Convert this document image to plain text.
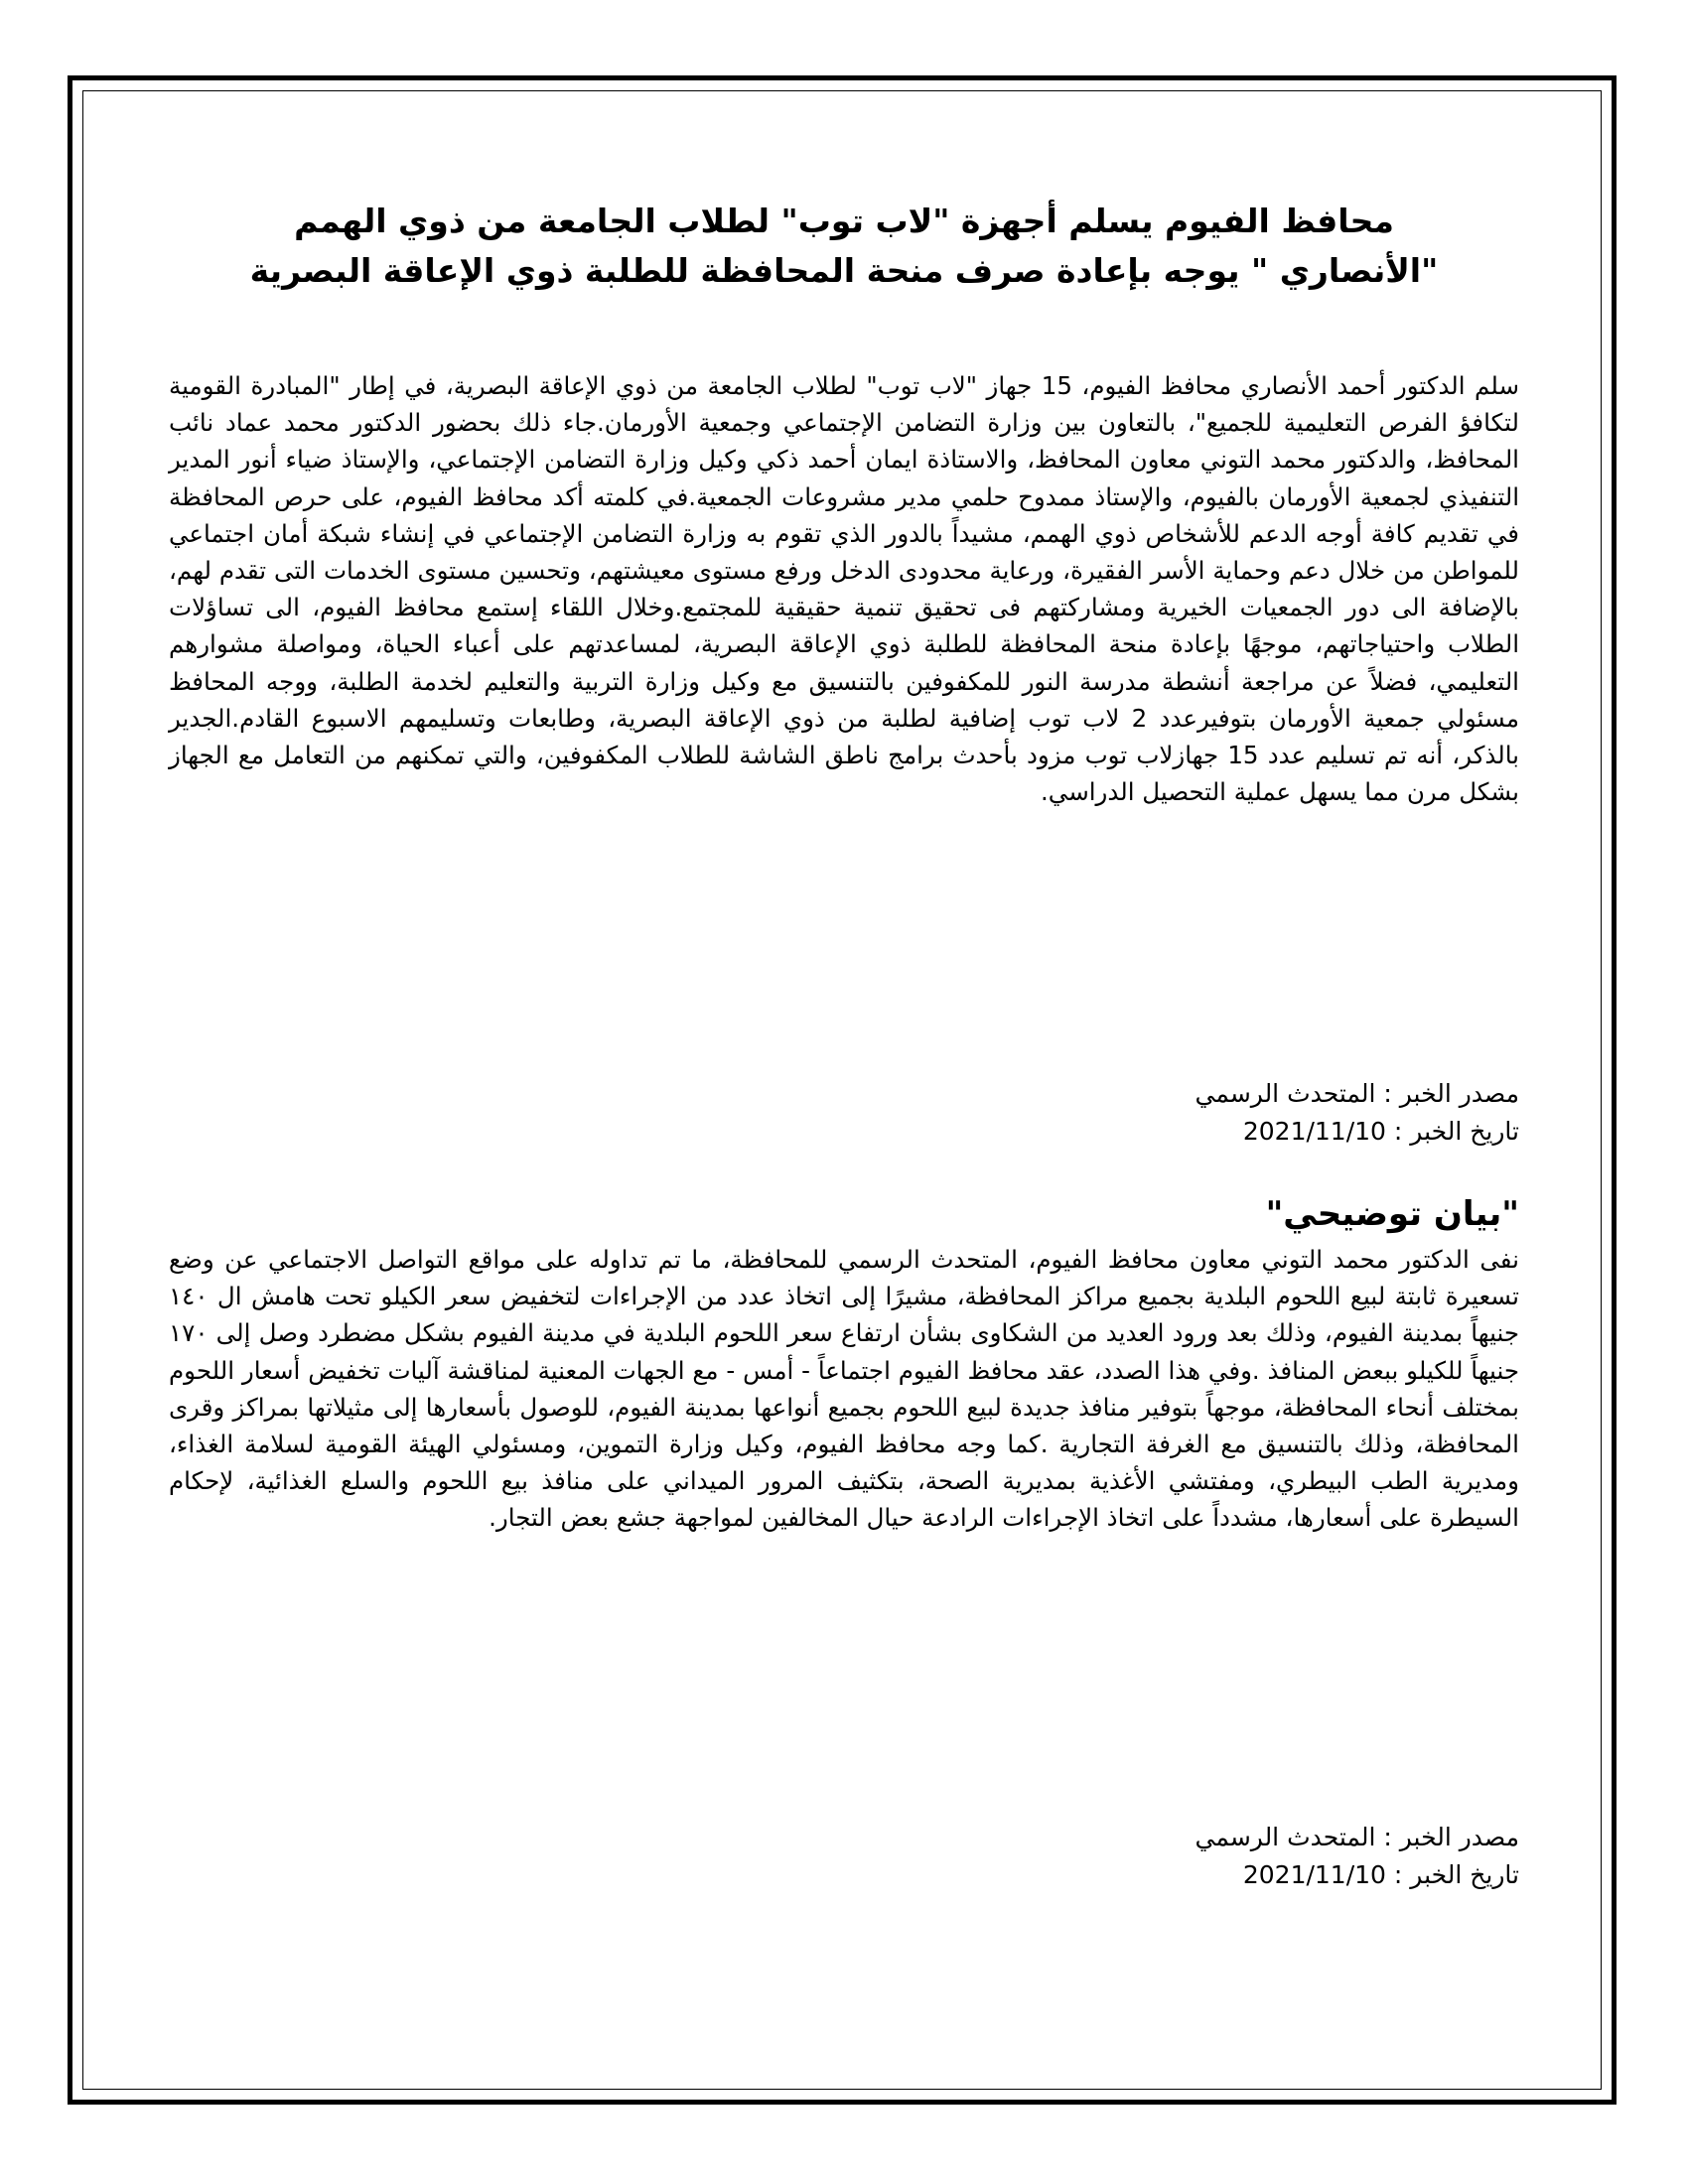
محافظ الفيوم يسلم أجهزة "لاب توب" لطلاب الجامعة من ذوي الهمم
"الأنصاري " يوجه بإعادة صرف منحة المحافظة للطلبة ذوي الإعاقة البصرية
سلم الدكتور أحمد الأنصاري محافظ الفيوم، 15 جهاز "لاب توب" لطلاب الجامعة من ذوي الإعاقة البصرية، في إطار "المبادرة القومية لتكافؤ الفرص التعليمية للجميع"، بالتعاون بين وزارة التضامن الإجتماعي وجمعية الأورمان.جاء ذلك بحضور الدكتور محمد عماد نائب المحافظ، والدكتور محمد التوني معاون المحافظ، والاستاذة ايمان أحمد ذكي وكيل وزارة التضامن الإجتماعي، والإستاذ ضياء أنور المدير التنفيذي لجمعية الأورمان بالفيوم، والإستاذ ممدوح حلمي مدير مشروعات الجمعية.في كلمته أكد محافظ الفيوم، على حرص المحافظة في تقديم كافة أوجه الدعم للأشخاص ذوي الهمم، مشيداً بالدور الذي تقوم به وزارة التضامن الإجتماعي في إنشاء شبكة أمان اجتماعي للمواطن من خلال دعم وحماية الأسر الفقيرة، ورعاية محدودى الدخل ورفع مستوى معيشتهم، وتحسين مستوى الخدمات التى تقدم لهم، بالإضافة الى دور الجمعيات الخيرية ومشاركتهم فى تحقيق تنمية حقيقية للمجتمع.وخلال اللقاء إستمع محافظ الفيوم، الى تساؤلات الطلاب واحتياجاتهم، موجهًا بإعادة منحة المحافظة للطلبة ذوي الإعاقة البصرية، لمساعدتهم على أعباء الحياة، ومواصلة مشوارهم التعليمي، فضلاً عن مراجعة أنشطة مدرسة النور للمكفوفين بالتنسيق مع وكيل وزارة التربية والتعليم لخدمة الطلبة، ووجه المحافظ مسئولي جمعية الأورمان بتوفيرعدد 2 لاب توب إضافية لطلبة من ذوي الإعاقة البصرية، وطابعات وتسليمهم الاسبوع القادم.الجدير بالذكر، أنه تم تسليم عدد 15 جهازلاب توب مزود بأحدث برامج ناطق الشاشة للطلاب المكفوفين، والتي تمكنهم من التعامل مع الجهاز بشكل مرن مما يسهل عملية التحصيل الدراسي.
مصدر الخبر : المتحدث الرسمي
تاريخ الخبر : 2021/11/10
"بيان توضيحي"
نفى الدكتور محمد التوني معاون محافظ الفيوم، المتحدث الرسمي للمحافظة، ما تم تداوله على مواقع التواصل الاجتماعي عن وضع تسعيرة ثابتة لبيع اللحوم البلدية بجميع مراكز المحافظة، مشيرًا إلى اتخاذ عدد من الإجراءات لتخفيض سعر الكيلو تحت هامش ال ١٤٠ جنيهاً بمدينة الفيوم، وذلك بعد ورود العديد من الشكاوى بشأن ارتفاع سعر اللحوم البلدية في مدينة الفيوم بشكل مضطرد وصل إلى ١٧٠ جنيهاً للكيلو ببعض المنافذ .وفي هذا الصدد، عقد محافظ الفيوم اجتماعاً - أمس - مع الجهات المعنية لمناقشة آليات تخفيض أسعار اللحوم بمختلف أنحاء المحافظة، موجهاً بتوفير منافذ جديدة لبيع اللحوم بجميع أنواعها بمدينة الفيوم، للوصول بأسعارها إلى مثيلاتها بمراكز وقرى المحافظة، وذلك بالتنسيق مع الغرفة التجارية .كما وجه محافظ الفيوم، وكيل وزارة التموين، ومسئولي الهيئة القومية لسلامة الغذاء، ومديرية الطب البيطري، ومفتشي الأغذية بمديرية الصحة، بتكثيف المرور الميداني على منافذ بيع اللحوم والسلع الغذائية، لإحكام السيطرة على أسعارها، مشدداً على اتخاذ الإجراءات الرادعة حيال المخالفين لمواجهة جشع بعض التجار.
مصدر الخبر : المتحدث الرسمي
تاريخ الخبر : 2021/11/10
